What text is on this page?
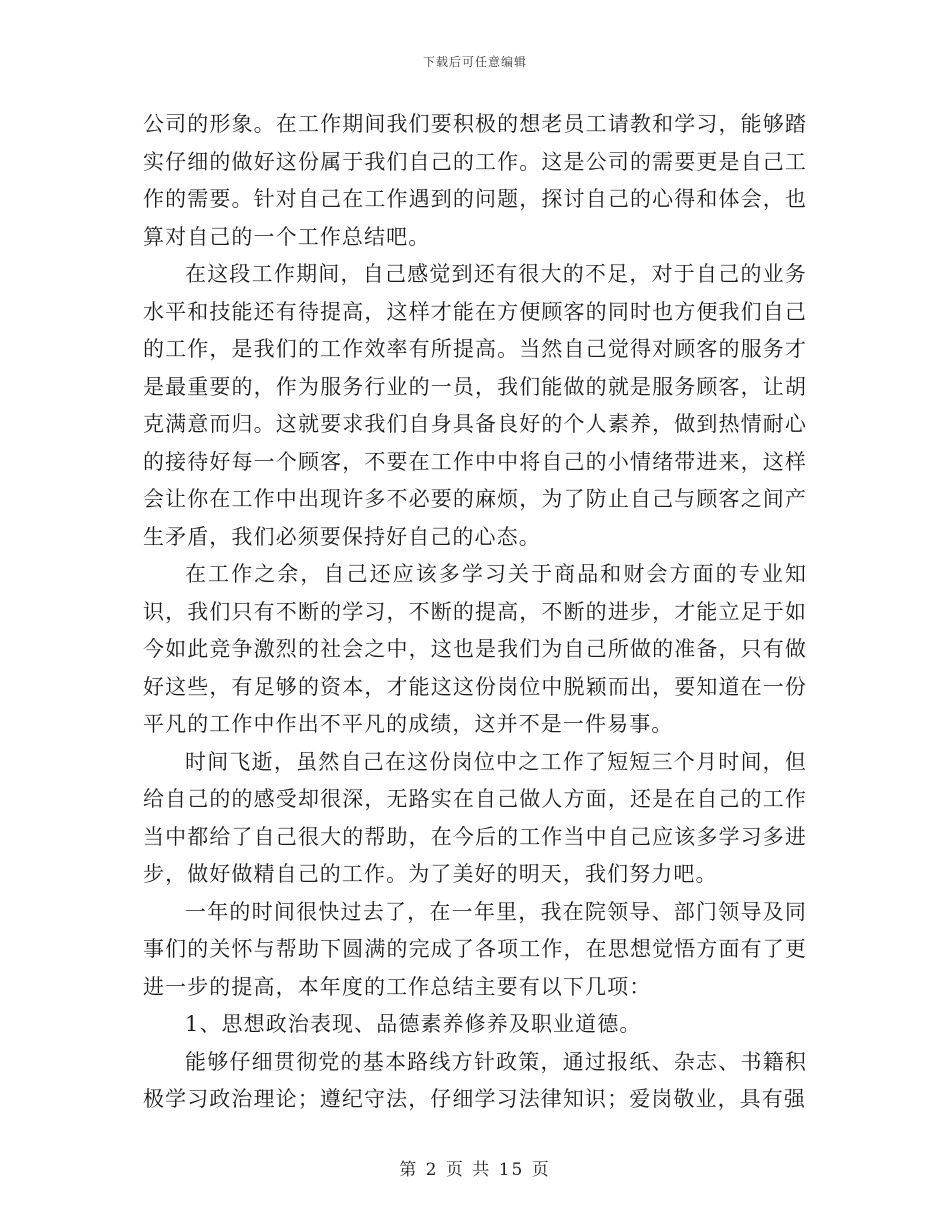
下载后可任意编辑

公司的形象。在工作期间我们要积极的想老员工请教和学习，能够踏实仔细的做好这份属于我们自己的工作。这是公司的需要更是自己工作的需要。针对自己在工作遇到的问题，探讨自己的心得和体会，也算对自己的一个工作总结吧。

在这段工作期间，自己感觉到还有很大的不足，对于自己的业务水平和技能还有待提高，这样才能在方便顾客的同时也方便我们自己的工作，是我们的工作效率有所提高。当然自己觉得对顾客的服务才是最重要的，作为服务行业的一员，我们能做的就是服务顾客，让胡克满意而归。这就要求我们自身具备良好的个人素养，做到热情耐心的接待好每一个顾客，不要在工作中中将自己的小情绪带进来，这样会让你在工作中出现许多不必要的麻烦，为了防止自己与顾客之间产生矛盾，我们必须要保持好自己的心态。

在工作之余，自己还应该多学习关于商品和财会方面的专业知识，我们只有不断的学习，不断的提高，不断的进步，才能立足于如今如此竞争激烈的社会之中，这也是我们为自己所做的准备，只有做好这些，有足够的资本，才能这这份岗位中脱颖而出，要知道在一份平凡的工作中作出不平凡的成绩，这并不是一件易事。

时间飞逝，虽然自己在这份岗位中之工作了短短三个月时间，但给自己的的感受却很深，无路实在自己做人方面，还是在自己的工作当中都给了自己很大的帮助，在今后的工作当中自己应该多学习多进步，做好做精自己的工作。为了美好的明天，我们努力吧。

一年的时间很快过去了，在一年里，我在院领导、部门领导及同事们的关怀与帮助下圆满的完成了各项工作，在思想觉悟方面有了更进一步的提高，本年度的工作总结主要有以下几项：

1、思想政治表现、品德素养修养及职业道德。

能够仔细贯彻党的基本路线方针政策，通过报纸、杂志、书籍积极学习政治理论；遵纪守法，仔细学习法律知识；爱岗敬业，具有强

第 2 页 共 15 页
